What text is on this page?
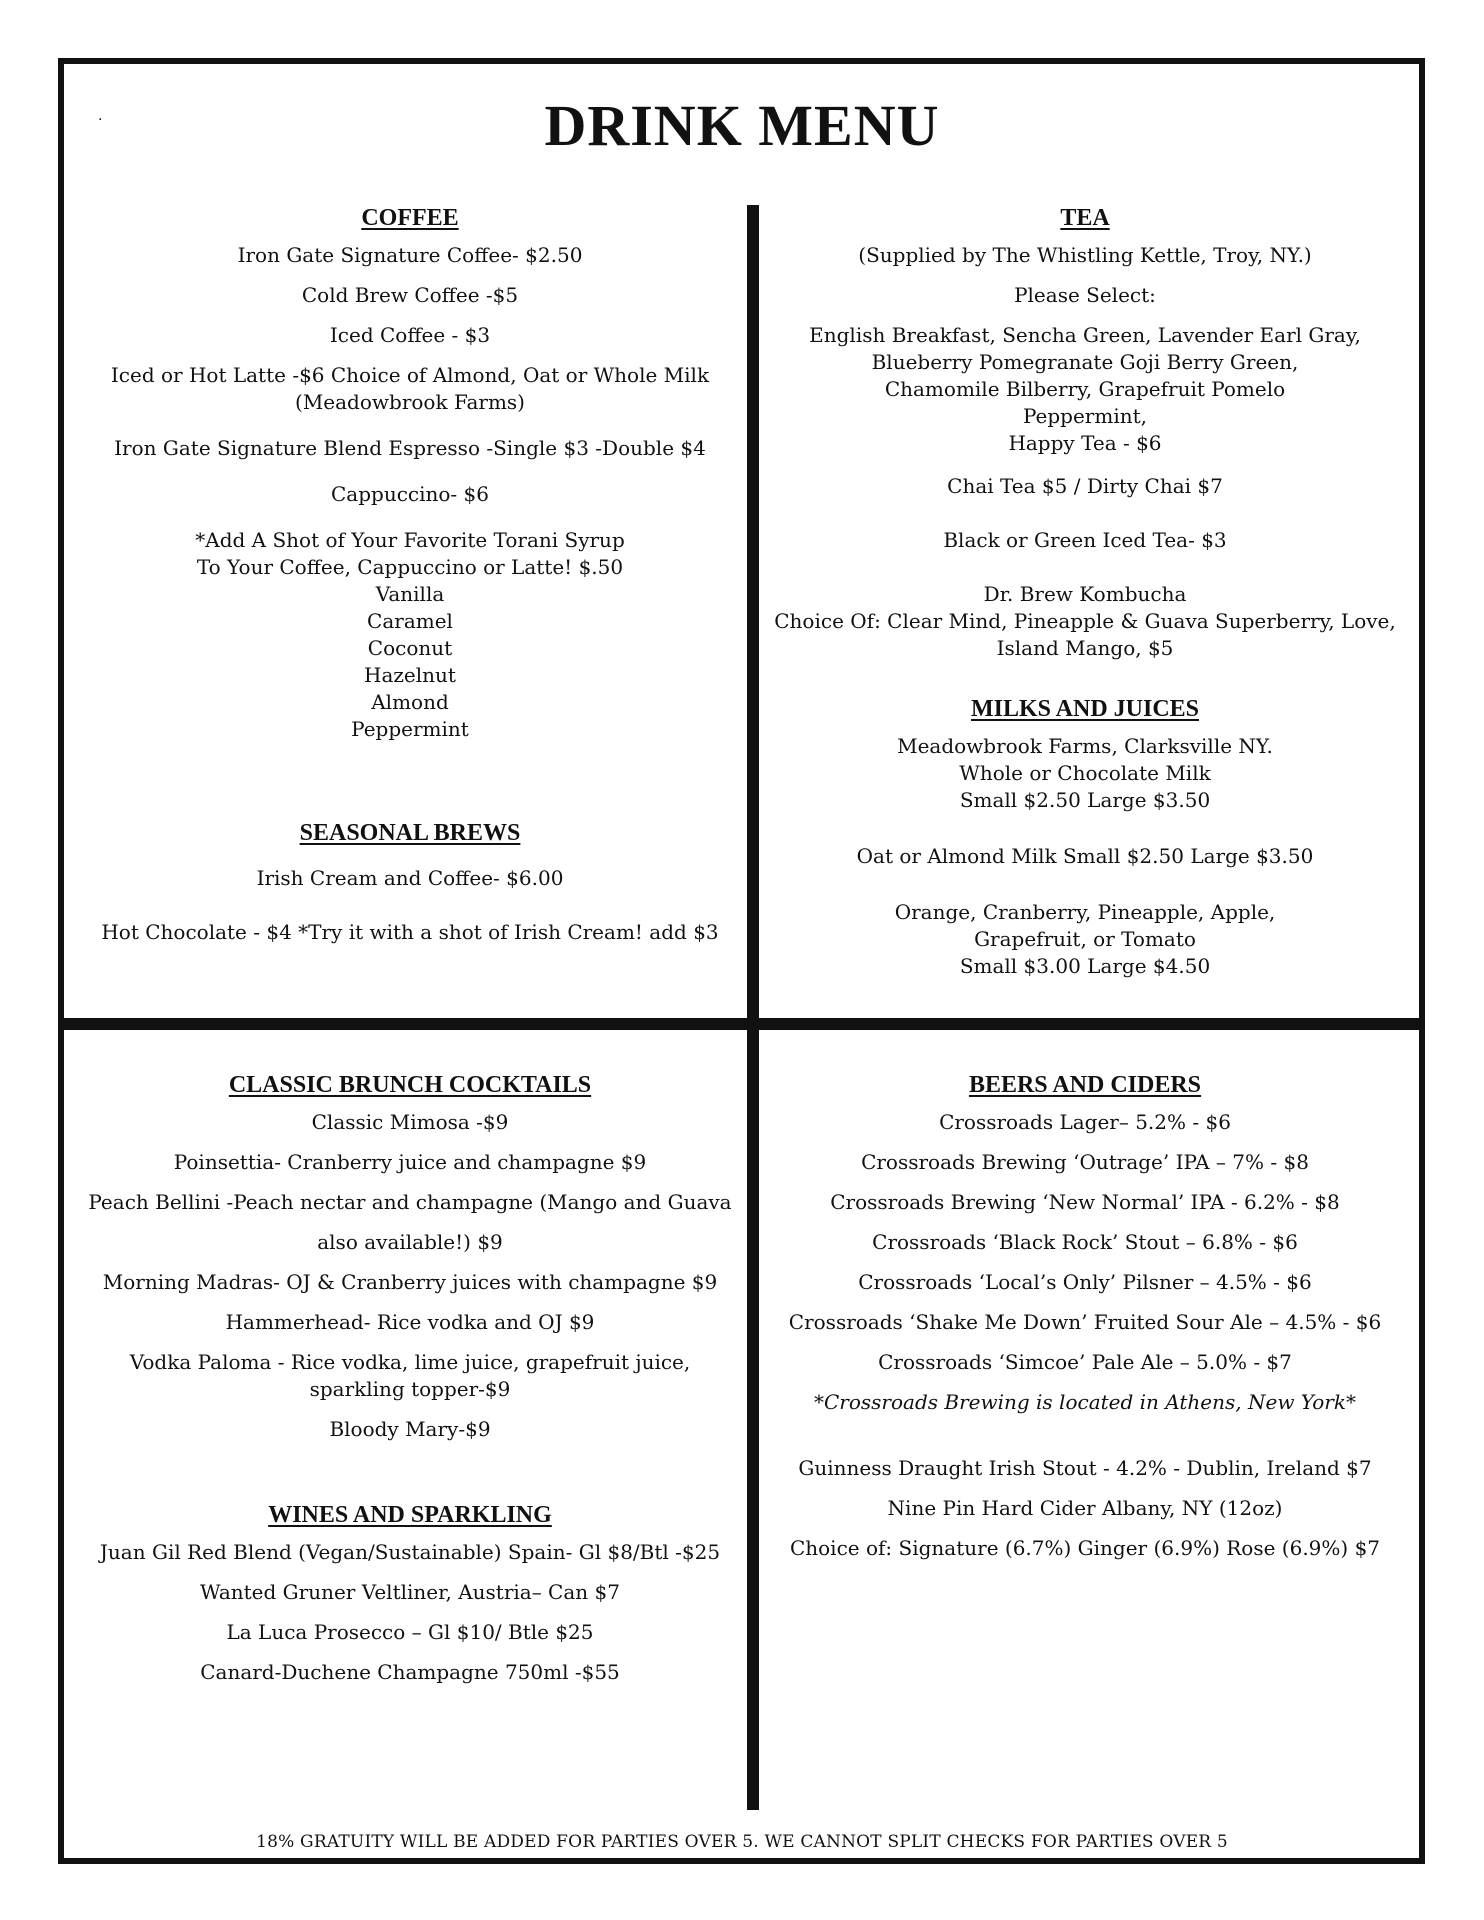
.	DRINK MENU
COFFEE
Iron Gate Signature Coffee- $2.50
Cold Brew Coffee -$5
Iced Coffee - $3
Iced or Hot Latte -$6 Choice of Almond, Oat or Whole Milk
(Meadowbrook Farms)
Iron Gate Signature Blend Espresso -Single $3 -Double $4
Cappuccino- $6
*Add A Shot of Your Favorite Torani Syrup
To Your Coffee, Cappuccino or Latte! $.50
Vanilla
Caramel
Coconut
Hazelnut
Almond
Peppermint
SEASONAL BREWS
Irish Cream and Coffee- $6.00
Hot Chocolate - $4 *Try it with a shot of Irish Cream! add $3
TEA
(Supplied by The Whistling Kettle, Troy, NY.)
Please Select:
English Breakfast, Sencha Green, Lavender Earl Gray,
Blueberry Pomegranate Goji Berry Green,
Chamomile Bilberry, Grapefruit Pomelo
Peppermint,
Happy Tea - $6
Chai Tea $5 / Dirty Chai $7
Black or Green Iced Tea- $3
Dr. Brew Kombucha
Choice Of: Clear Mind, Pineapple & Guava Superberry, Love,
Island Mango, $5
MILKS AND JUICES
Meadowbrook Farms, Clarksville NY.
Whole or Chocolate Milk
Small $2.50 Large $3.50
Oat or Almond Milk Small $2.50 Large $3.50
Orange, Cranberry, Pineapple, Apple,
Grapefruit, or Tomato
Small $3.00 Large $4.50
CLASSIC BRUNCH COCKTAILS
Classic Mimosa -$9
Poinsettia- Cranberry juice and champagne $9
Peach Bellini -Peach nectar and champagne (Mango and Guava
also available!) $9
Morning Madras- OJ & Cranberry juices with champagne $9
Hammerhead- Rice vodka and OJ $9
Vodka Paloma - Rice vodka, lime juice, grapefruit juice,
sparkling topper-$9
Bloody Mary-$9
WINES AND SPARKLING
Juan Gil Red Blend (Vegan/Sustainable) Spain- Gl $8/Btl -$25
Wanted Gruner Veltliner, Austria– Can $7
La Luca Prosecco – Gl $10/ Btle $25
Canard-Duchene Champagne 750ml -$55
BEERS AND CIDERS
Crossroads Lager– 5.2% - $6
Crossroads Brewing ‘Outrage’ IPA – 7% - $8
Crossroads Brewing ‘New Normal’ IPA - 6.2% - $8
Crossroads ‘Black Rock’ Stout – 6.8% - $6
Crossroads ‘Local’s Only’ Pilsner – 4.5% - $6
Crossroads ‘Shake Me Down’ Fruited Sour Ale – 4.5% - $6
Crossroads ‘Simcoe’ Pale Ale – 5.0% - $7
*Crossroads Brewing is located in Athens, New York*
Guinness Draught Irish Stout - 4.2% - Dublin, Ireland $7
Nine Pin Hard Cider Albany, NY (12oz)
Choice of: Signature (6.7%) Ginger (6.9%) Rose (6.9%) $7
18% GRATUITY WILL BE ADDED FOR PARTIES OVER 5. WE CANNOT SPLIT CHECKS FOR PARTIES OVER 5
